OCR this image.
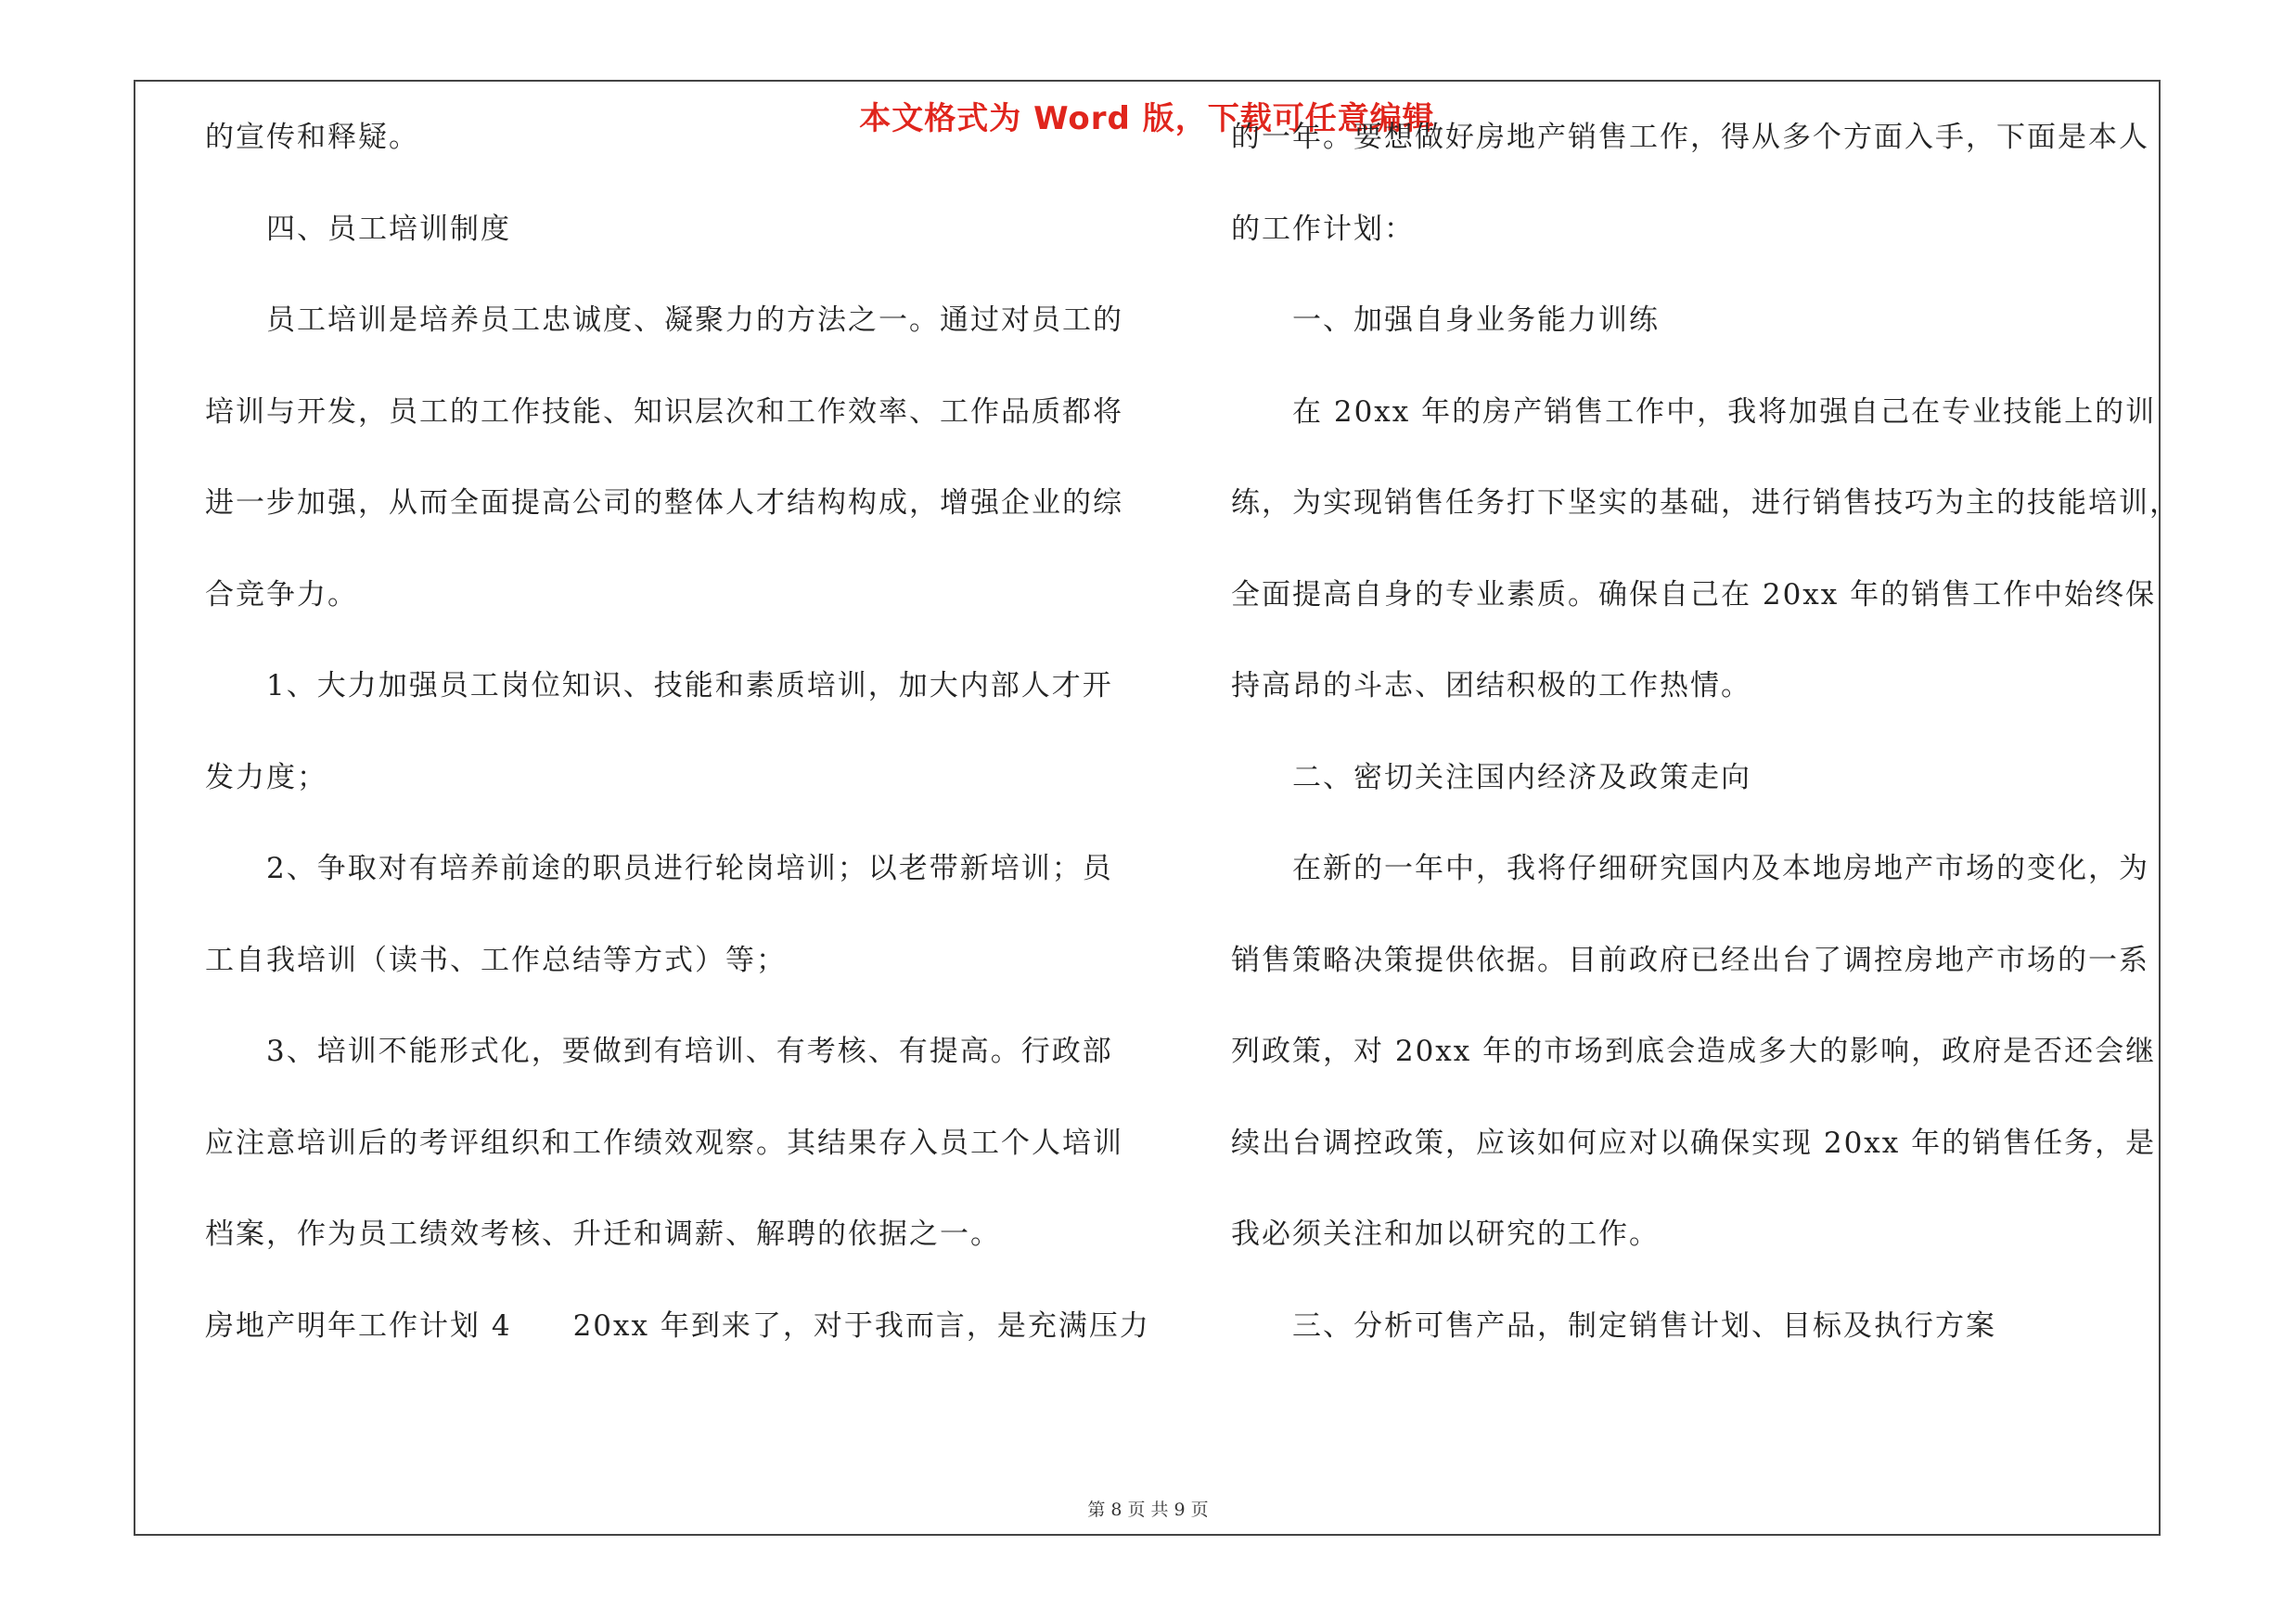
本文格式为 Word 版，下载可任意编辑
的宣传和释疑。
四、员工培训制度
员工培训是培养员工忠诚度、凝聚力的方法之一。通过对员工的
培训与开发，员工的工作技能、知识层次和工作效率、工作品质都将
进一步加强，从而全面提高公司的整体人才结构构成，增强企业的综
合竞争力。
1、大力加强员工岗位知识、技能和素质培训，加大内部人才开
发力度；
2、争取对有培养前途的职员进行轮岗培训；以老带新培训；员
工自我培训（读书、工作总结等方式）等；
3、培训不能形式化，要做到有培训、有考核、有提高。行政部
应注意培训后的考评组织和工作绩效观察。其结果存入员工个人培训
档案，作为员工绩效考核、升迁和调薪、解聘的依据之一。
房地产明年工作计划 4　　20xx 年到来了，对于我而言，是充满压力
的一年。要想做好房地产销售工作，得从多个方面入手，下面是本人
的工作计划：
一、加强自身业务能力训练
在 20xx 年的房产销售工作中，我将加强自己在专业技能上的训
练，为实现销售任务打下坚实的基础，进行销售技巧为主的技能培训，
全面提高自身的专业素质。确保自己在 20xx 年的销售工作中始终保
持高昂的斗志、团结积极的工作热情。
二、密切关注国内经济及政策走向
在新的一年中，我将仔细研究国内及本地房地产市场的变化，为
销售策略决策提供依据。目前政府已经出台了调控房地产市场的一系
列政策，对 20xx 年的市场到底会造成多大的影响，政府是否还会继
续出台调控政策，应该如何应对以确保实现 20xx 年的销售任务，是
我必须关注和加以研究的工作。
三、分析可售产品，制定销售计划、目标及执行方案
第 8 页 共 9 页
